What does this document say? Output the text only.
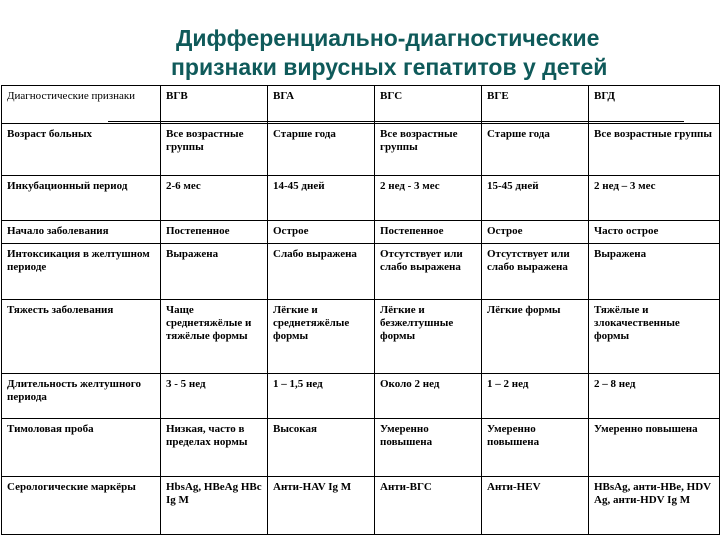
Дифференциально-диагностические
признаки вирусных гепатитов у детей
Диагностические признаки	ВГВ	ВГА	ВГС	ВГЕ	ВГД
Возраст больных	Все возрастные группы	Старше года	Все возрастные группы	Старше года	Все возрастные группы
Инкубационный период	2-6 мес	14-45 дней	2 нед - 3 мес	15-45 дней	2 нед – 3 мес
Начало заболевания	Постепенное	Острое	Постепенное	Острое	Часто острое
Интоксикация в желтушном периоде	Выражена	Слабо выражена	Отсутствует или слабо выражена	Отсутствует или слабо выражена	Выражена
Тяжесть заболевания	Чаще среднетяжёлые и тяжёлые формы	Лёгкие и среднетяжёлые формы	Лёгкие и безжелтушные формы	Лёгкие формы	Тяжёлые и злокачественные формы
Длительность желтушного периода	3 - 5 нед	1 – 1,5 нед	Около 2 нед	1 – 2 нед	2 – 8 нед
Тимоловая проба	Низкая, часто в пределах нормы	Высокая	Умеренно повышена	Умеренно повышена	Умеренно повышена
Серологические маркёры	HbsAg, HBeAg HBc Ig M	Анти-HAV Ig M	Анти-ВГС	Анти-HEV	HBsAg, анти-HBe, HDV Ag, анти-HDV Ig M
